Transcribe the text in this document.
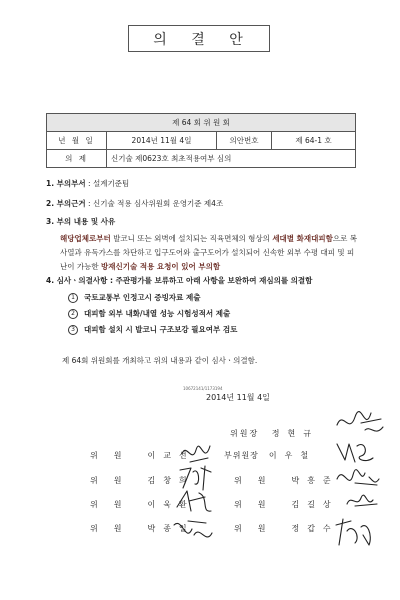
의 결 안
제 64 회 위 원 회			
년 월 일	2014년 11월 4일	의안번호	제 64-1 호
의 제	신기술 제0623호 최초적용여부 심의		
1. 부의부서 : 설계기준팀
2. 부의근거 : 신기술 적용 심사위원회 운영기준 제4조
3. 부의 내용 및 사유
해당업체로부터 발코니 또는 외벽에 설치되는 직육면체의 형상의 세대별 화재대피함으로 복사열과 유독가스를 차단하고 입구도어와 출구도어가 설치되어 신속한 외부 수평 대피 및 피난이 가능한 방재신기술 적용 요청이 있어 부의함
4. 심사ㆍ의결사항 : 주관평가를 보류하고 아래 사항을 보완하여 재심의를 의결함
1 국토교통부 인정고시 증빙자료 제출
2 대피함 외부 내화/내열 성능 시험성적서 제출
3 대피함 설치 시 발코니 구조보강 필요여부 검토
제 64회 위원회를 개최하고 위의 내용과 같이 심사ㆍ의결함.
10672141/1173194
2014년 11월 4일
위원장 정현규
위원 이교선	부위원장 이우철
위원 김창희	위원 박흥준
위원 이욱환	위원 김길상
위원 박종일	위원 정갑수
